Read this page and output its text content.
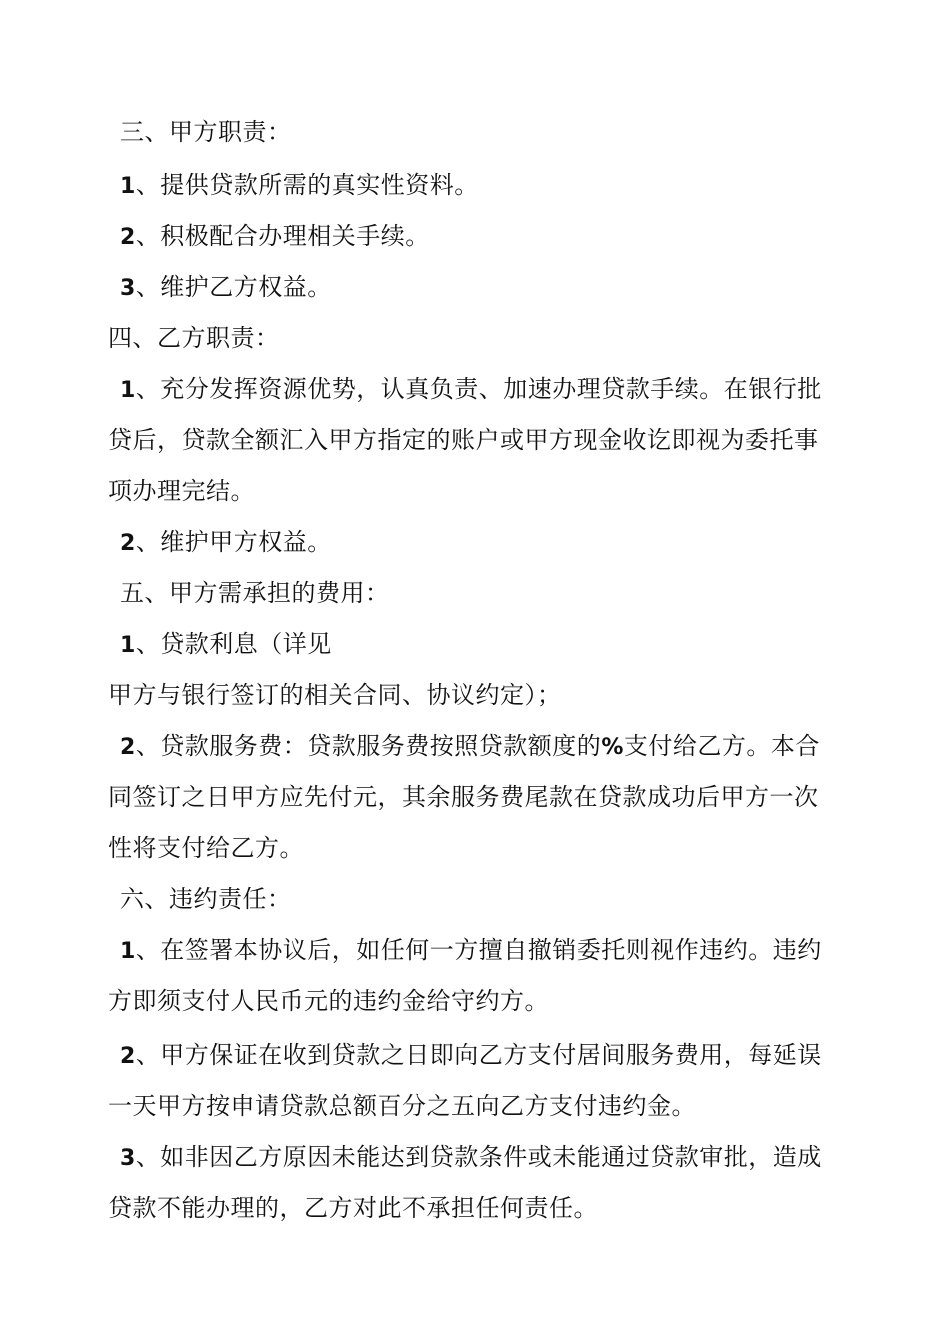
三、甲方职责：
1、提供贷款所需的真实性资料。
2、积极配合办理相关手续。
3、维护乙方权益。
四、乙方职责：
1、充分发挥资源优势，认真负责、加速办理贷款手续。在银行批
贷后，贷款全额汇入甲方指定的账户或甲方现金收讫即视为委托事
项办理完结。
2、维护甲方权益。
五、甲方需承担的费用：
1、贷款利息（详见
甲方与银行签订的相关合同、协议约定）；
2、贷款服务费：贷款服务费按照贷款额度的%支付给乙方。本合
同签订之日甲方应先付元，其余服务费尾款在贷款成功后甲方一次
性将支付给乙方。
六、违约责任：
1、在签署本协议后，如任何一方擅自撤销委托则视作违约。违约
方即须支付人民币元的违约金给守约方。
2、甲方保证在收到贷款之日即向乙方支付居间服务费用，每延误
一天甲方按申请贷款总额百分之五向乙方支付违约金。
3、如非因乙方原因未能达到贷款条件或未能通过贷款审批，造成
贷款不能办理的，乙方对此不承担任何责任。
